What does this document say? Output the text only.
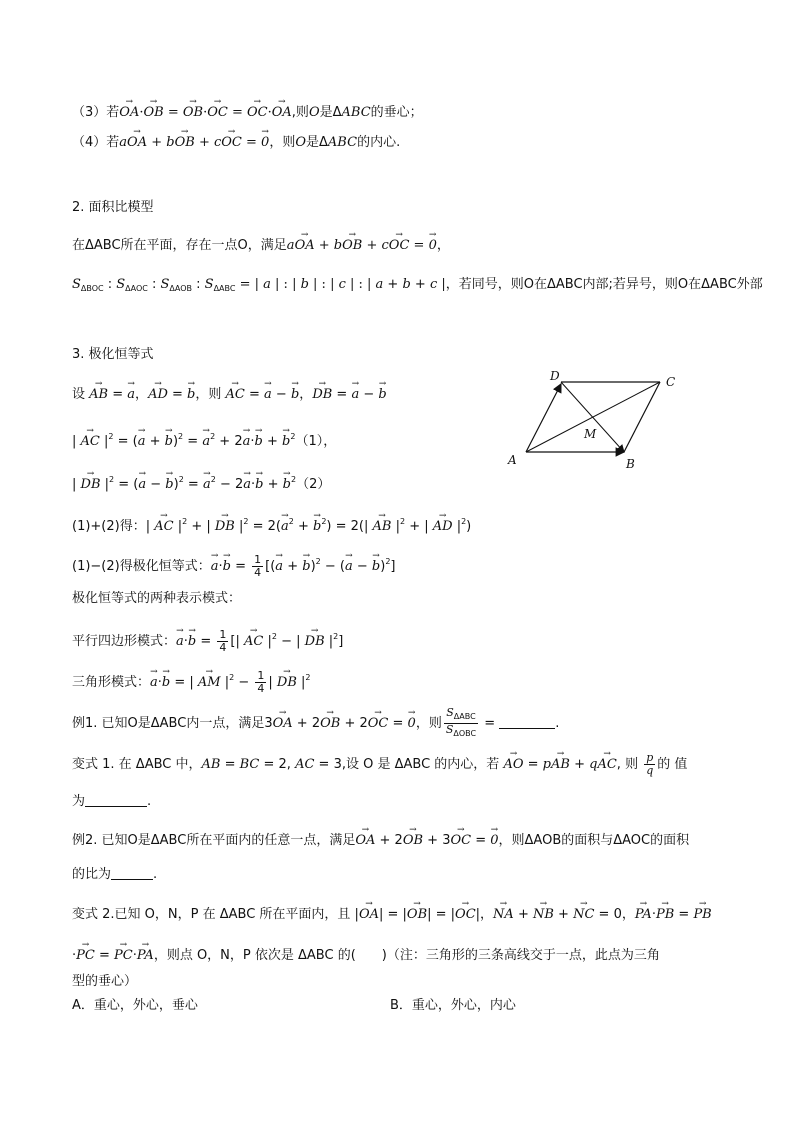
（3）若→ OA·→ OB = → OB·→ OC = → OC·→ OA,则O是ΔABC的垂心；
（4）若a→ OA + b→ OB + c→ OC = → 0，则O是ΔABC的内心.
2. 面积比模型
在ΔABC所在平面，存在一点O，满足a→ OA + b→ OB + c→ OC = → 0，
$S_{\Delta BOC}$ : $S_{\Delta AOC}$ : $S_{\Delta AOB}$ : $S_{\Delta ABC}$ = | a | : | b | : | c | : | a + b + c |，若同号，则O在ΔABC内部;若异号，则O在ΔABC外部
3. 极化恒等式
设 → AB = → a，→ AD = → b，则 → AC = → a − → b，→ DB = → a − → b
| → AC $|^2$ = (→ a + → b)$^2$ = → $a^2 + 2\to a\cdot\to b$ + → $b^2(1)$，
| → DB $|^2$ = (→ a − → b)$^2$ = → $a^2 - 2\to a\cdot\to b$ + → $b^2(2)$
(1)+(2)得：| → AC $|^2$ + | → DB $|^2 = 2(\to a^2$ + → $b^2) = 2(|$ → AB $|^2$ + | → AD $|^2$)
(1)−(2)得极化恒等式：→ $a\cdot\to b = \frac{1}{4}$ [(→ a + → b)$^2$ − (→ a − → b)$^2$]
极化恒等式的两种表示模式：
平行四边形模式：→ $a\cdot\to b = \frac{1}{4}$ [| → AC $|^2$ − | → DB $|^2$]
三角形模式：→ a·→ b = | → AM $|^2 - \frac{1}{4}$ | → DB $|^2$
A	B
C
D
M
例1. 已知O是ΔABC内一点，满足3→ OA + 2→ OB + 2→ OC = → 0，则 $\frac{S_{\Delta ABC}}{S_{\Delta OBC}}$ =	.
变式 1. 在 ΔABC 中，AB = BC = 2, AC = 3,设 O 是 ΔABC 的内心，若 → AO = p→ AB + q→ AC, 则 $\frac{p}{q}$ 的 值
为	.
例2. 已知O是ΔABC所在平面内的任意一点，满足→ OA + 2→ OB + 3→ OC = → 0，则ΔAOB的面积与ΔAOC的面积
的比为	.
变式 2.已知 O，N，P 在 ΔABC 所在平面内，且 |→ OA| = |→ OB| = |→ OC|，→ NA + → NB + → NC = 0，→ PA·→ PB = → PB
·→ PC = → PC·→ PA，则点 O，N，P 依次是 ΔABC 的(　　)（注：三角形的三条高线交于一点，此点为三角
型的垂心）
A．重心，外心，垂心	B．重心，外心，内心
